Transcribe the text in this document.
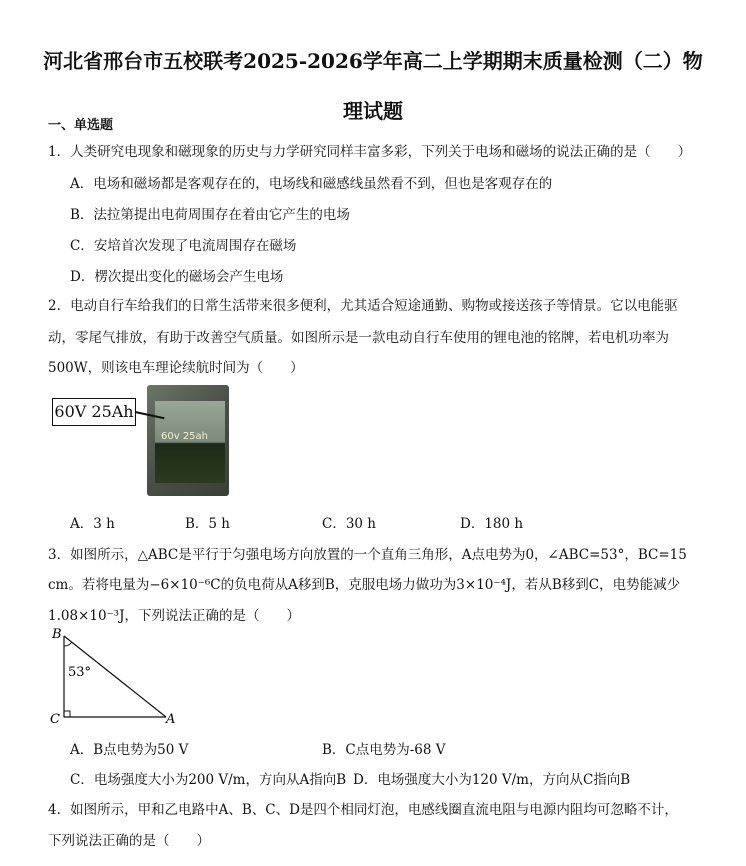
河北省邢台市五校联考2025-2026学年高二上学期期末质量检测（二）物
理试题
一、单选题
1．人类研究电现象和磁现象的历史与力学研究同样丰富多彩，下列关于电场和磁场的说法正确的是（　　）
A．电场和磁场都是客观存在的，电场线和磁感线虽然看不到，但也是客观存在的
B．法拉第提出电荷周围存在着由它产生的电场
C．安培首次发现了电流周围存在磁场
D．楞次提出变化的磁场会产生电场
2．电动自行车给我们的日常生活带来很多便利，尤其适合短途通勤、购物或接送孩子等情景。它以电能驱
动，零尾气排放，有助于改善空气质量。如图所示是一款电动自行车使用的锂电池的铭牌，若电机功率为
500W，则该电车理论续航时间为（　　）
60v 25ah
60V 25Ah
A．3 h	B．5 h	C．30 h	D．180 h
3．如图所示，△ABC是平行于匀强电场方向放置的一个直角三角形，A点电势为0，∠ABC=53°，BC=15
cm。若将电量为−6×10⁻⁶C的负电荷从A移到B，克服电场力做功为3×10⁻⁴J，若从B移到C，电势能减少
1.08×10⁻³J，下列说法正确的是（　　）
B
C	A
53°
A．B点电势为50 V	B．C点电势为-68 V
C．电场强度大小为200 V/m，方向从A指向B D．电场强度大小为120 V/m，方向从C指向B
4．如图所示，甲和乙电路中A、B、C、D是四个相同灯泡，电感线圈直流电阻与电源内阻均可忽略不计，
下列说法正确的是（　　）
